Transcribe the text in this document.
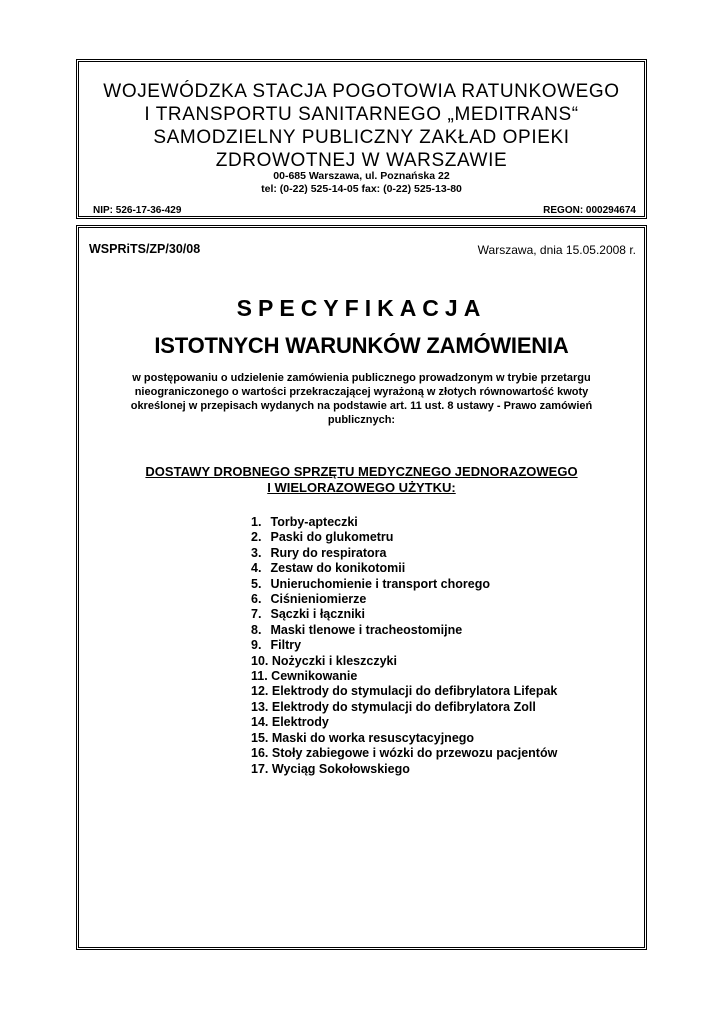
WOJEWÓDZKA STACJA POGOTOWIA RATUNKOWEGO
I TRANSPORTU SANITARNEGO „MEDITRANS“
SAMODZIELNY PUBLICZNY ZAKŁAD OPIEKI
ZDROWOTNEJ W WARSZAWIE
00-685 Warszawa, ul. Poznańska 22
tel: (0-22) 525-14-05 fax: (0-22) 525-13-80
NIP: 526-17-36-429	REGON: 000294674
WSPRiTS/ZP/30/08	Warszawa, dnia 15.05.2008 r.
SPECYFIKACJA
ISTOTNYCH WARUNKÓW ZAMÓWIENIA
w postępowaniu o udzielenie zamówienia publicznego prowadzonym w trybie przetargu nieograniczonego o wartości przekraczającej wyrażoną w złotych równowartość kwoty określonej w przepisach wydanych na podstawie art. 11 ust. 8 ustawy - Prawo zamówień publicznych:
DOSTAWY DROBNEGO SPRZĘTU MEDYCZNEGO JEDNORAZOWEGO
I WIELORAZOWEGO UŻYTKU:
1. Torby-apteczki
2. Paski do glukometru
3. Rury do respiratora
4. Zestaw do konikotomii
5. Unieruchomienie i transport chorego
6. Ciśnieniomierze
7. Sączki i łączniki
8. Maski tlenowe i tracheostomijne
9. Filtry
10. Nożyczki i kleszczyki
11. Cewnikowanie
12. Elektrody do stymulacji do defibrylatora Lifepak
13. Elektrody do stymulacji do defibrylatora Zoll
14. Elektrody
15. Maski do worka resuscytacyjnego
16. Stoły zabiegowe i wózki do przewozu pacjentów
17. Wyciąg Sokołowskiego
